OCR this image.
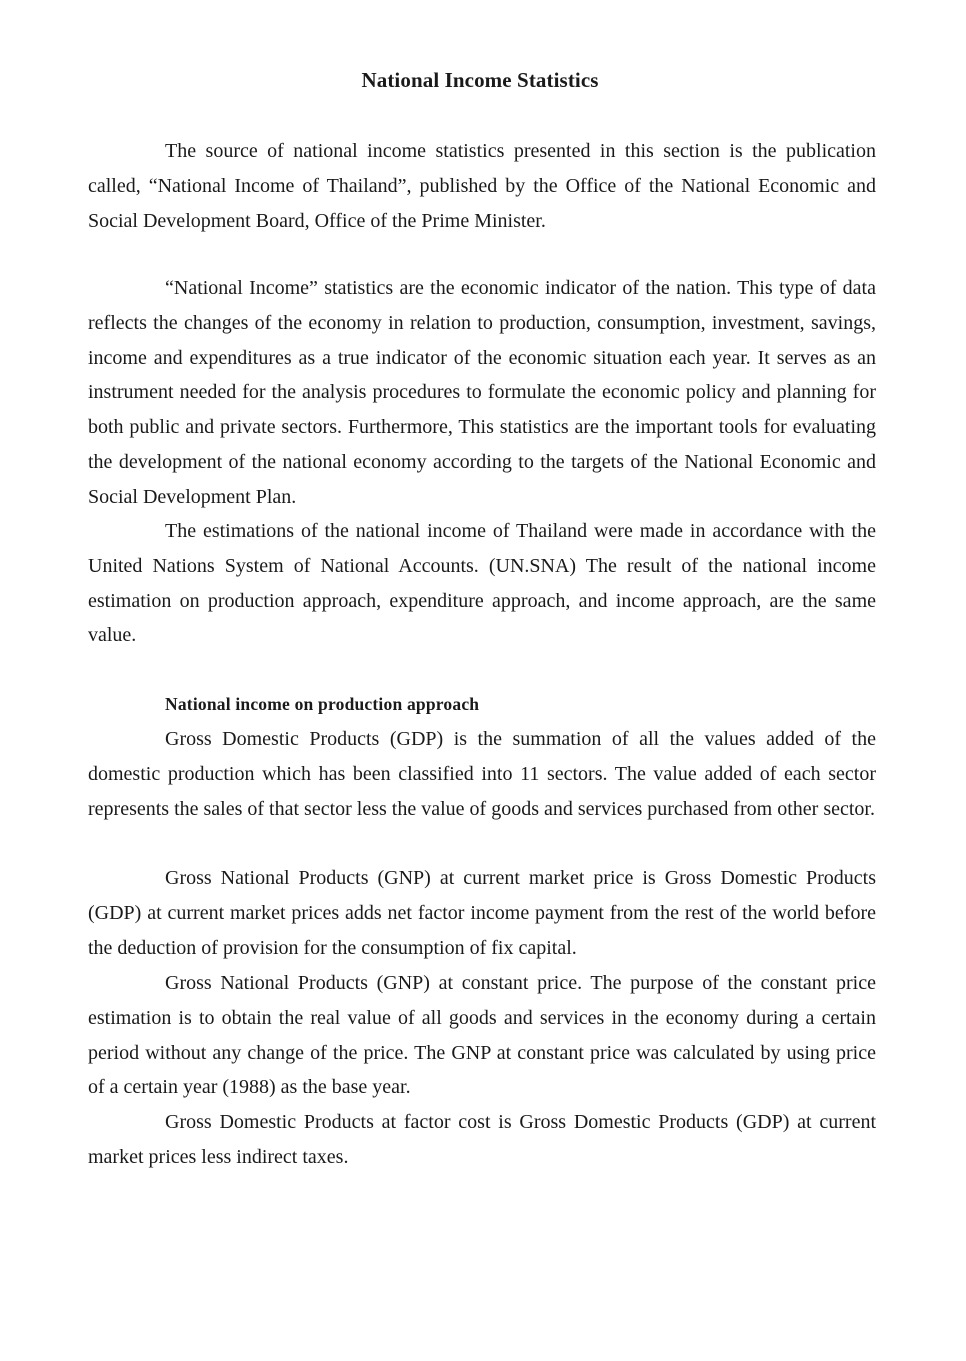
National Income Statistics

The source of national income statistics presented in this section is the publication called, “National Income of Thailand”, published by the Office of the National Economic and Social Development Board, Office of the Prime Minister.

“National Income” statistics are the economic indicator of the nation. This type of data reflects the changes of the economy in relation to production, consumption, investment, savings, income and expenditures as a true indicator of the economic situation each year. It serves as an instrument needed for the analysis procedures to formulate the economic policy and planning for both public and private sectors. Furthermore, This statistics are the important tools for evaluating the development of the national economy according to the targets of the National Economic and Social Development Plan.

The estimations of the national income of Thailand were made in accordance with the United Nations System of National Accounts. (UN.SNA) The result of the national income estimation on production approach, expenditure approach, and income approach, are the same value.

National income on production approach

Gross Domestic Products (GDP) is the summation of all the values added of the domestic production which has been classified into 11 sectors. The value added of each sector represents the sales of that sector less the value of goods and services purchased from other sector.

Gross National Products (GNP) at current market price is Gross Domestic Products (GDP) at current market prices adds net factor income payment from the rest of the world before the deduction of provision for the consumption of fix capital.

Gross National Products (GNP) at constant price. The purpose of the constant price estimation is to obtain the real value of all goods and services in the economy during a certain period without any change of the price. The GNP at constant price was calculated by using price of a certain year (1988) as the base year.

Gross Domestic Products at factor cost is Gross Domestic Products (GDP) at current market prices less indirect taxes.
